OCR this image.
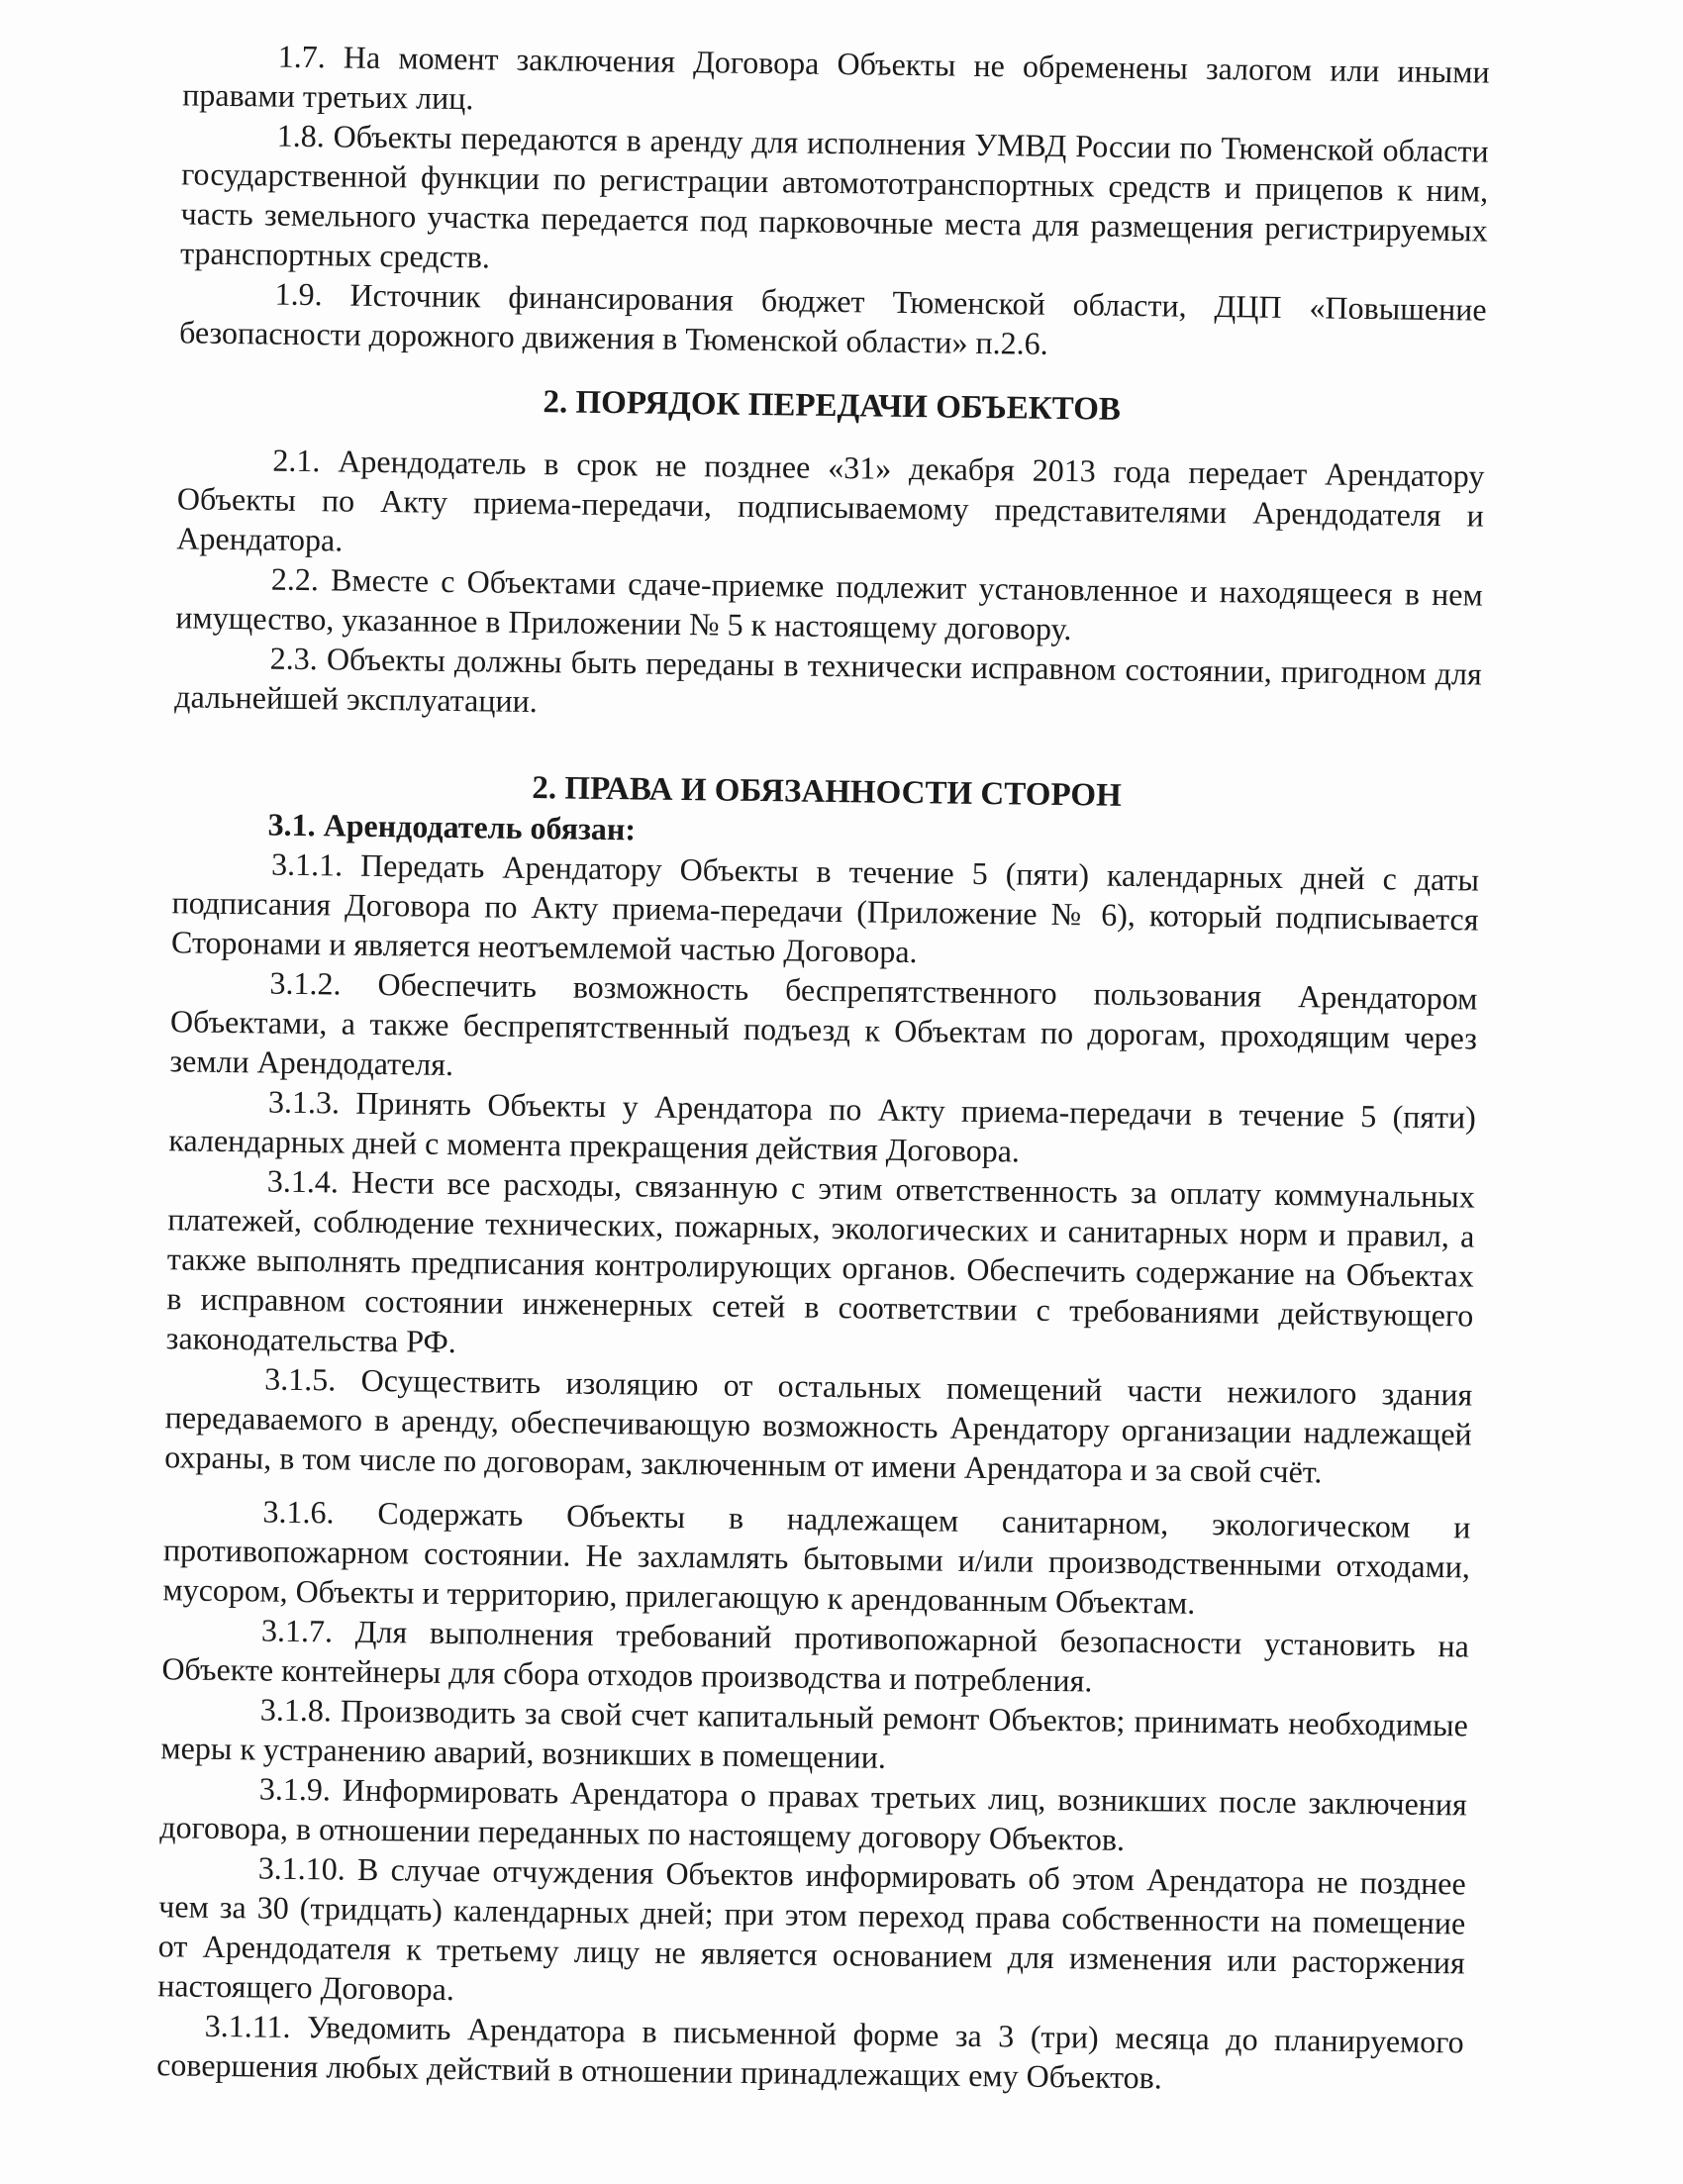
1.7. На момент заключения Договора Объекты не обременены залогом или иными правами третьих лиц.

1.8. Объекты передаются в аренду для исполнения УМВД России по Тюменской области государственной функции по регистрации автомототранспортных средств и прицепов к ним, часть земельного участка передается под парковочные места для размещения регистрируемых транспортных средств.

1.9. Источник финансирования бюджет Тюменской области, ДЦП «Повышение безопасности дорожного движения в Тюменской области» п.2.6.

2. ПОРЯДОК ПЕРЕДАЧИ ОБЪЕКТОВ

2.1. Арендодатель в срок не позднее «31» декабря 2013 года передает Арендатору Объекты по Акту приема-передачи, подписываемому представителями Арендодателя и Арендатора.

2.2. Вместе с Объектами сдаче-приемке подлежит установленное и находящееся в нем имущество, указанное в Приложении № 5 к настоящему договору.

2.3. Объекты должны быть переданы в технически исправном состоянии, пригодном для дальнейшей эксплуатации.

2. ПРАВА И ОБЯЗАННОСТИ СТОРОН
3.1. Арендодатель обязан:

3.1.1. Передать Арендатору Объекты в течение 5 (пяти) календарных дней с даты подписания Договора по Акту приема-передачи (Приложение № 6), который подписывается Сторонами и является неотъемлемой частью Договора.

3.1.2. Обеспечить возможность беспрепятственного пользования Арендатором Объектами, а также беспрепятственный подъезд к Объектам по дорогам, проходящим через земли Арендодателя.

3.1.3. Принять Объекты у Арендатора по Акту приема-передачи в течение 5 (пяти) календарных дней с момента прекращения действия Договора.

3.1.4. Нести все расходы, связанную с этим ответственность за оплату коммунальных платежей, соблюдение технических, пожарных, экологических и санитарных норм и правил, а также выполнять предписания контролирующих органов. Обеспечить содержание на Объектах в исправном состоянии инженерных сетей в соответствии с требованиями действующего законодательства РФ.

3.1.5. Осуществить изоляцию от остальных помещений части нежилого здания передаваемого в аренду, обеспечивающую возможность Арендатору организации надлежащей охраны, в том числе по договорам, заключенным от имени Арендатора и за свой счёт.

3.1.6. Содержать Объекты в надлежащем санитарном, экологическом и противопожарном состоянии. Не захламлять бытовыми и/или производственными отходами, мусором, Объекты и территорию, прилегающую к арендованным Объектам.

3.1.7. Для выполнения требований противопожарной безопасности установить на Объекте контейнеры для сбора отходов производства и потребления.

3.1.8. Производить за свой счет капитальный ремонт Объектов; принимать необходимые меры к устранению аварий, возникших в помещении.

3.1.9. Информировать Арендатора о правах третьих лиц, возникших после заключения договора, в отношении переданных по настоящему договору Объектов.

3.1.10. В случае отчуждения Объектов информировать об этом Арендатора не позднее чем за 30 (тридцать) календарных дней; при этом переход права собственности на помещение от Арендодателя к третьему лицу не является основанием для изменения или расторжения настоящего Договора.

3.1.11. Уведомить Арендатора в письменной форме за 3 (три) месяца до планируемого совершения любых действий в отношении принадлежащих ему Объектов.
